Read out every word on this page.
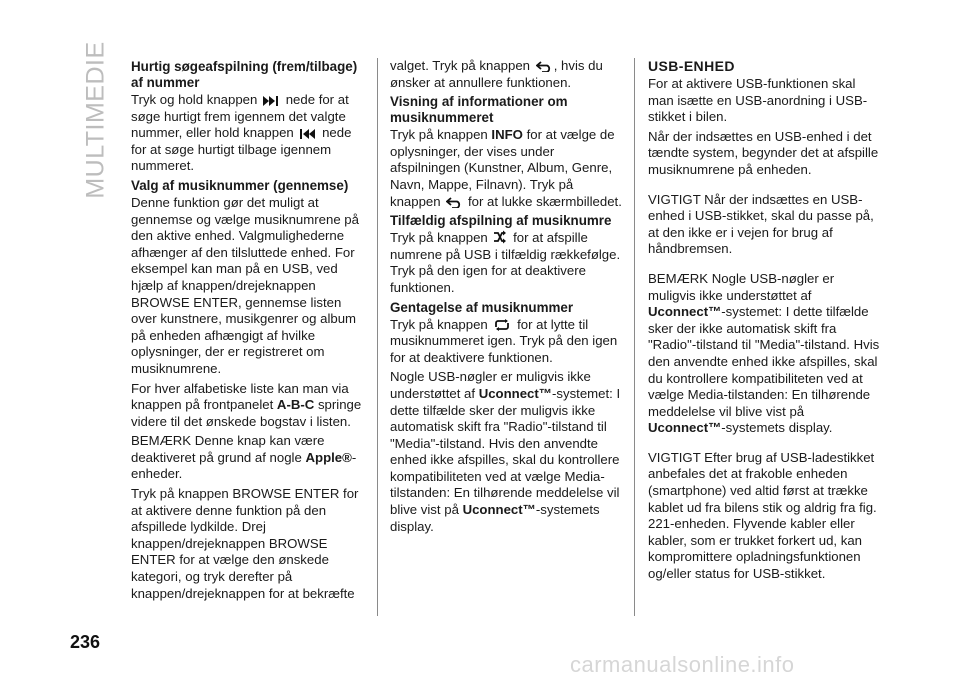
MULTIMEDIE Hurtig søgeafspilning (frem/tilbage) af nummer

Tryk og hold knappen nede for at søge hurtigt frem igennem det valgte nummer, eller hold knappen nede for at søge hurtigt tilbage igennem nummeret.

Valg af musiknummer (gennemse)

Denne funktion gør det muligt at gennemse og vælge musiknumrene på den aktive enhed. Valgmulighederne afhænger af den tilsluttede enhed. For eksempel kan man på en USB, ved hjælp af knappen/drejeknappen BROWSE ENTER, gennemse listen over kunstnere, musikgenrer og album på enheden afhængigt af hvilke oplysninger, der er registreret om musiknumrene.

For hver alfabetiske liste kan man via knappen på frontpanelet A-B-C springe videre til det ønskede bogstav i listen.

BEMÆRK Denne knap kan være deaktiveret på grund af nogle Apple®-enheder.

Tryk på knappen BROWSE ENTER for at aktivere denne funktion på den afspillede lydkilde. Drej knappen/drejeknappen BROWSE ENTER for at vælge den ønskede kategori, og tryk derefter på knappen/drejeknappen for at bekræfte

valget. Tryk på knappen , hvis du ønsker at annullere funktionen.

Visning af informationer om musiknummeret

Tryk på knappen INFO for at vælge de oplysninger, der vises under afspilningen (Kunstner, Album, Genre, Navn, Mappe, Filnavn). Tryk på knappen for at lukke skærmbilledet.

Tilfældig afspilning af musiknumre

Tryk på knappen for at afspille numrene på USB i tilfældig rækkefølge. Tryk på den igen for at deaktivere funktionen.

Gentagelse af musiknummer

Tryk på knappen for at lytte til musiknummeret igen. Tryk på den igen for at deaktivere funktionen.

Nogle USB-nøgler er muligvis ikke understøttet af Uconnect™-systemet: I dette tilfælde sker der muligvis ikke automatisk skift fra "Radio"-tilstand til "Media"-tilstand. Hvis den anvendte enhed ikke afspilles, skal du kontrollere kompatibiliteten ved at vælge Media-tilstanden: En tilhørende meddelelse vil blive vist på Uconnect™-systemets display.

USB-ENHED

For at aktivere USB-funktionen skal man isætte en USB-anordning i USB-stikket i bilen.

Når der indsættes en USB-enhed i det tændte system, begynder det at afspille musiknumrene på enheden.

VIGTIGT Når der indsættes en USB-enhed i USB-stikket, skal du passe på, at den ikke er i vejen for brug af håndbremsen.

BEMÆRK Nogle USB-nøgler er muligvis ikke understøttet af Uconnect™-systemet: I dette tilfælde sker der ikke automatisk skift fra "Radio"-tilstand til "Media"-tilstand. Hvis den anvendte enhed ikke afspilles, skal du kontrollere kompatibiliteten ved at vælge Media-tilstanden: En tilhørende meddelelse vil blive vist på Uconnect™-systemets display.

VIGTIGT Efter brug af USB-ladestikket anbefales det at frakoble enheden (smartphone) ved altid først at trække kablet ud fra bilens stik og aldrig fra fig. 221-enheden. Flyvende kabler eller kabler, som er trukket forkert ud, kan kompromittere opladningsfunktionen og/eller status for USB-stikket.

236
carmanualsonline.info
